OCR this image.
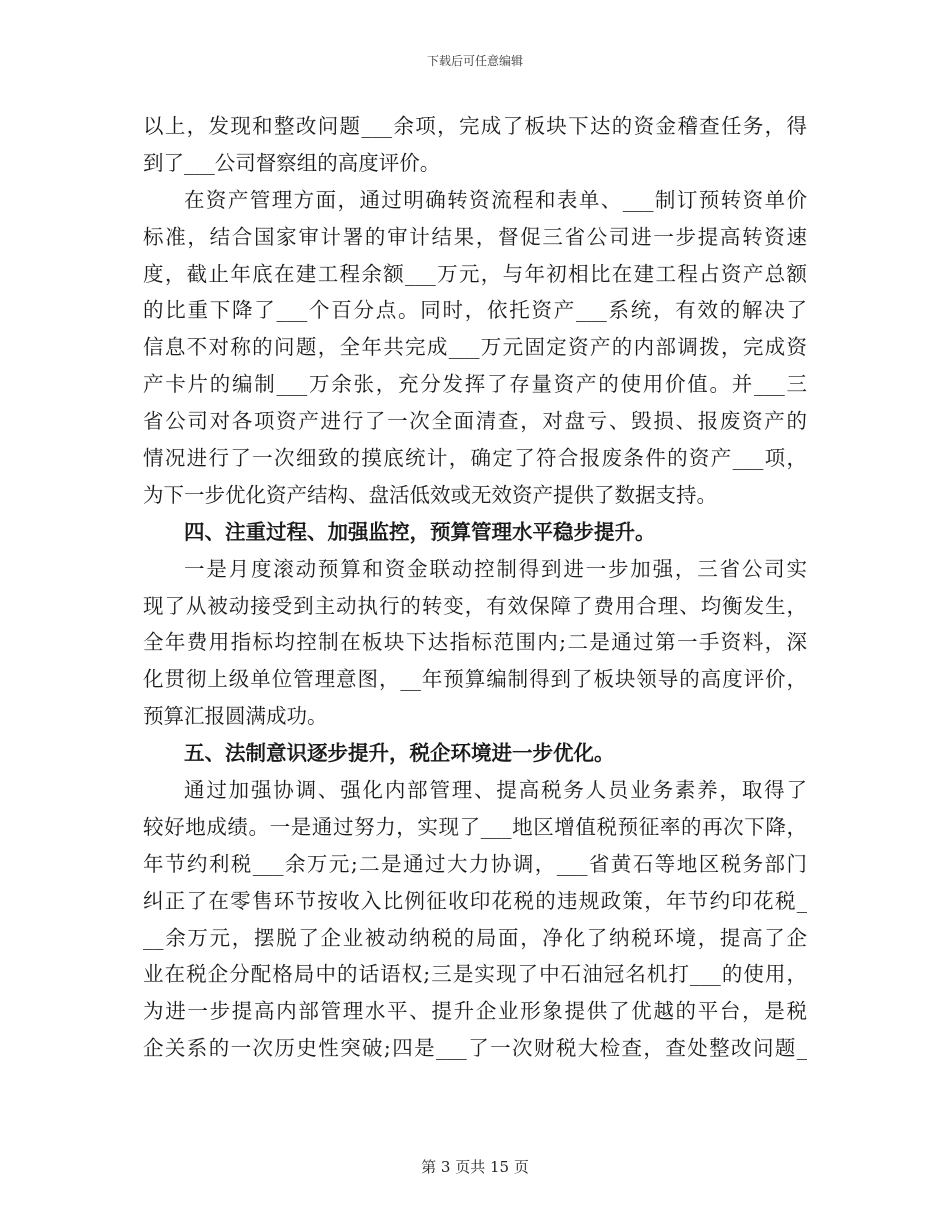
下载后可任意编辑
以上，发现和整改问题___余项，完成了板块下达的资金稽查任务，得
到了___公司督察组的高度评价。
在资产管理方面，通过明确转资流程和表单、___制订预转资单价
标准，结合国家审计署的审计结果，督促三省公司进一步提高转资速
度，截止年底在建工程余额___万元，与年初相比在建工程占资产总额
的比重下降了___个百分点。同时，依托资产___系统，有效的解决了
信息不对称的问题，全年共完成___万元固定资产的内部调拨，完成资
产卡片的编制___万余张，充分发挥了存量资产的使用价值。并___三
省公司对各项资产进行了一次全面清查，对盘亏、毁损、报废资产的
情况进行了一次细致的摸底统计，确定了符合报废条件的资产___项，
为下一步优化资产结构、盘活低效或无效资产提供了数据支持。
四、注重过程、加强监控，预算管理水平稳步提升。
一是月度滚动预算和资金联动控制得到进一步加强，三省公司实
现了从被动接受到主动执行的转变，有效保障了费用合理、均衡发生，
全年费用指标均控制在板块下达指标范围内;二是通过第一手资料，深
化贯彻上级单位管理意图，__年预算编制得到了板块领导的高度评价，
预算汇报圆满成功。
五、法制意识逐步提升，税企环境进一步优化。
通过加强协调、强化内部管理、提高税务人员业务素养，取得了
较好地成绩。一是通过努力，实现了___地区增值税预征率的再次下降，
年节约利税___余万元;二是通过大力协调，___省黄石等地区税务部门
纠正了在零售环节按收入比例征收印花税的违规政策，年节约印花税_
__余万元，摆脱了企业被动纳税的局面，净化了纳税环境，提高了企
业在税企分配格局中的话语权;三是实现了中石油冠名机打___的使用，
为进一步提高内部管理水平、提升企业形象提供了优越的平台，是税
企关系的一次历史性突破;四是___了一次财税大检查，查处整改问题_
第 3 页共 15 页
